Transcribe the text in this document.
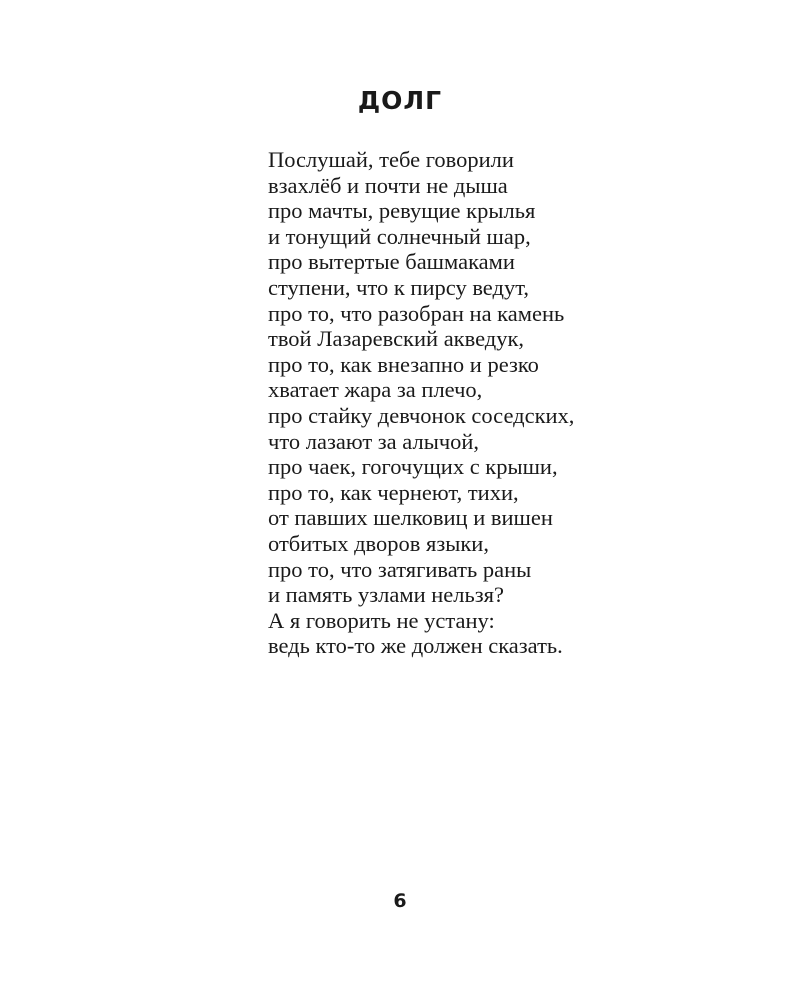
ДОЛГ
Послушай, тебе говорили
взахлёб и почти не дыша
про мачты, ревущие крылья
и тонущий солнечный шар,
про вытертые башмаками
ступени, что к пирсу ведут,
про то, что разобран на камень
твой Лазаревский акведук,
про то, как внезапно и резко
хватает жара за плечо,
про стайку девчонок соседских,
что лазают за алычой,
про чаек, гогочущих с крыши,
про то, как чернеют, тихи,
от павших шелковиц и вишен
отбитых дворов языки,
про то, что затягивать раны
и память узлами нельзя?
А я говорить не устану:
ведь кто-то же должен сказать.
6
